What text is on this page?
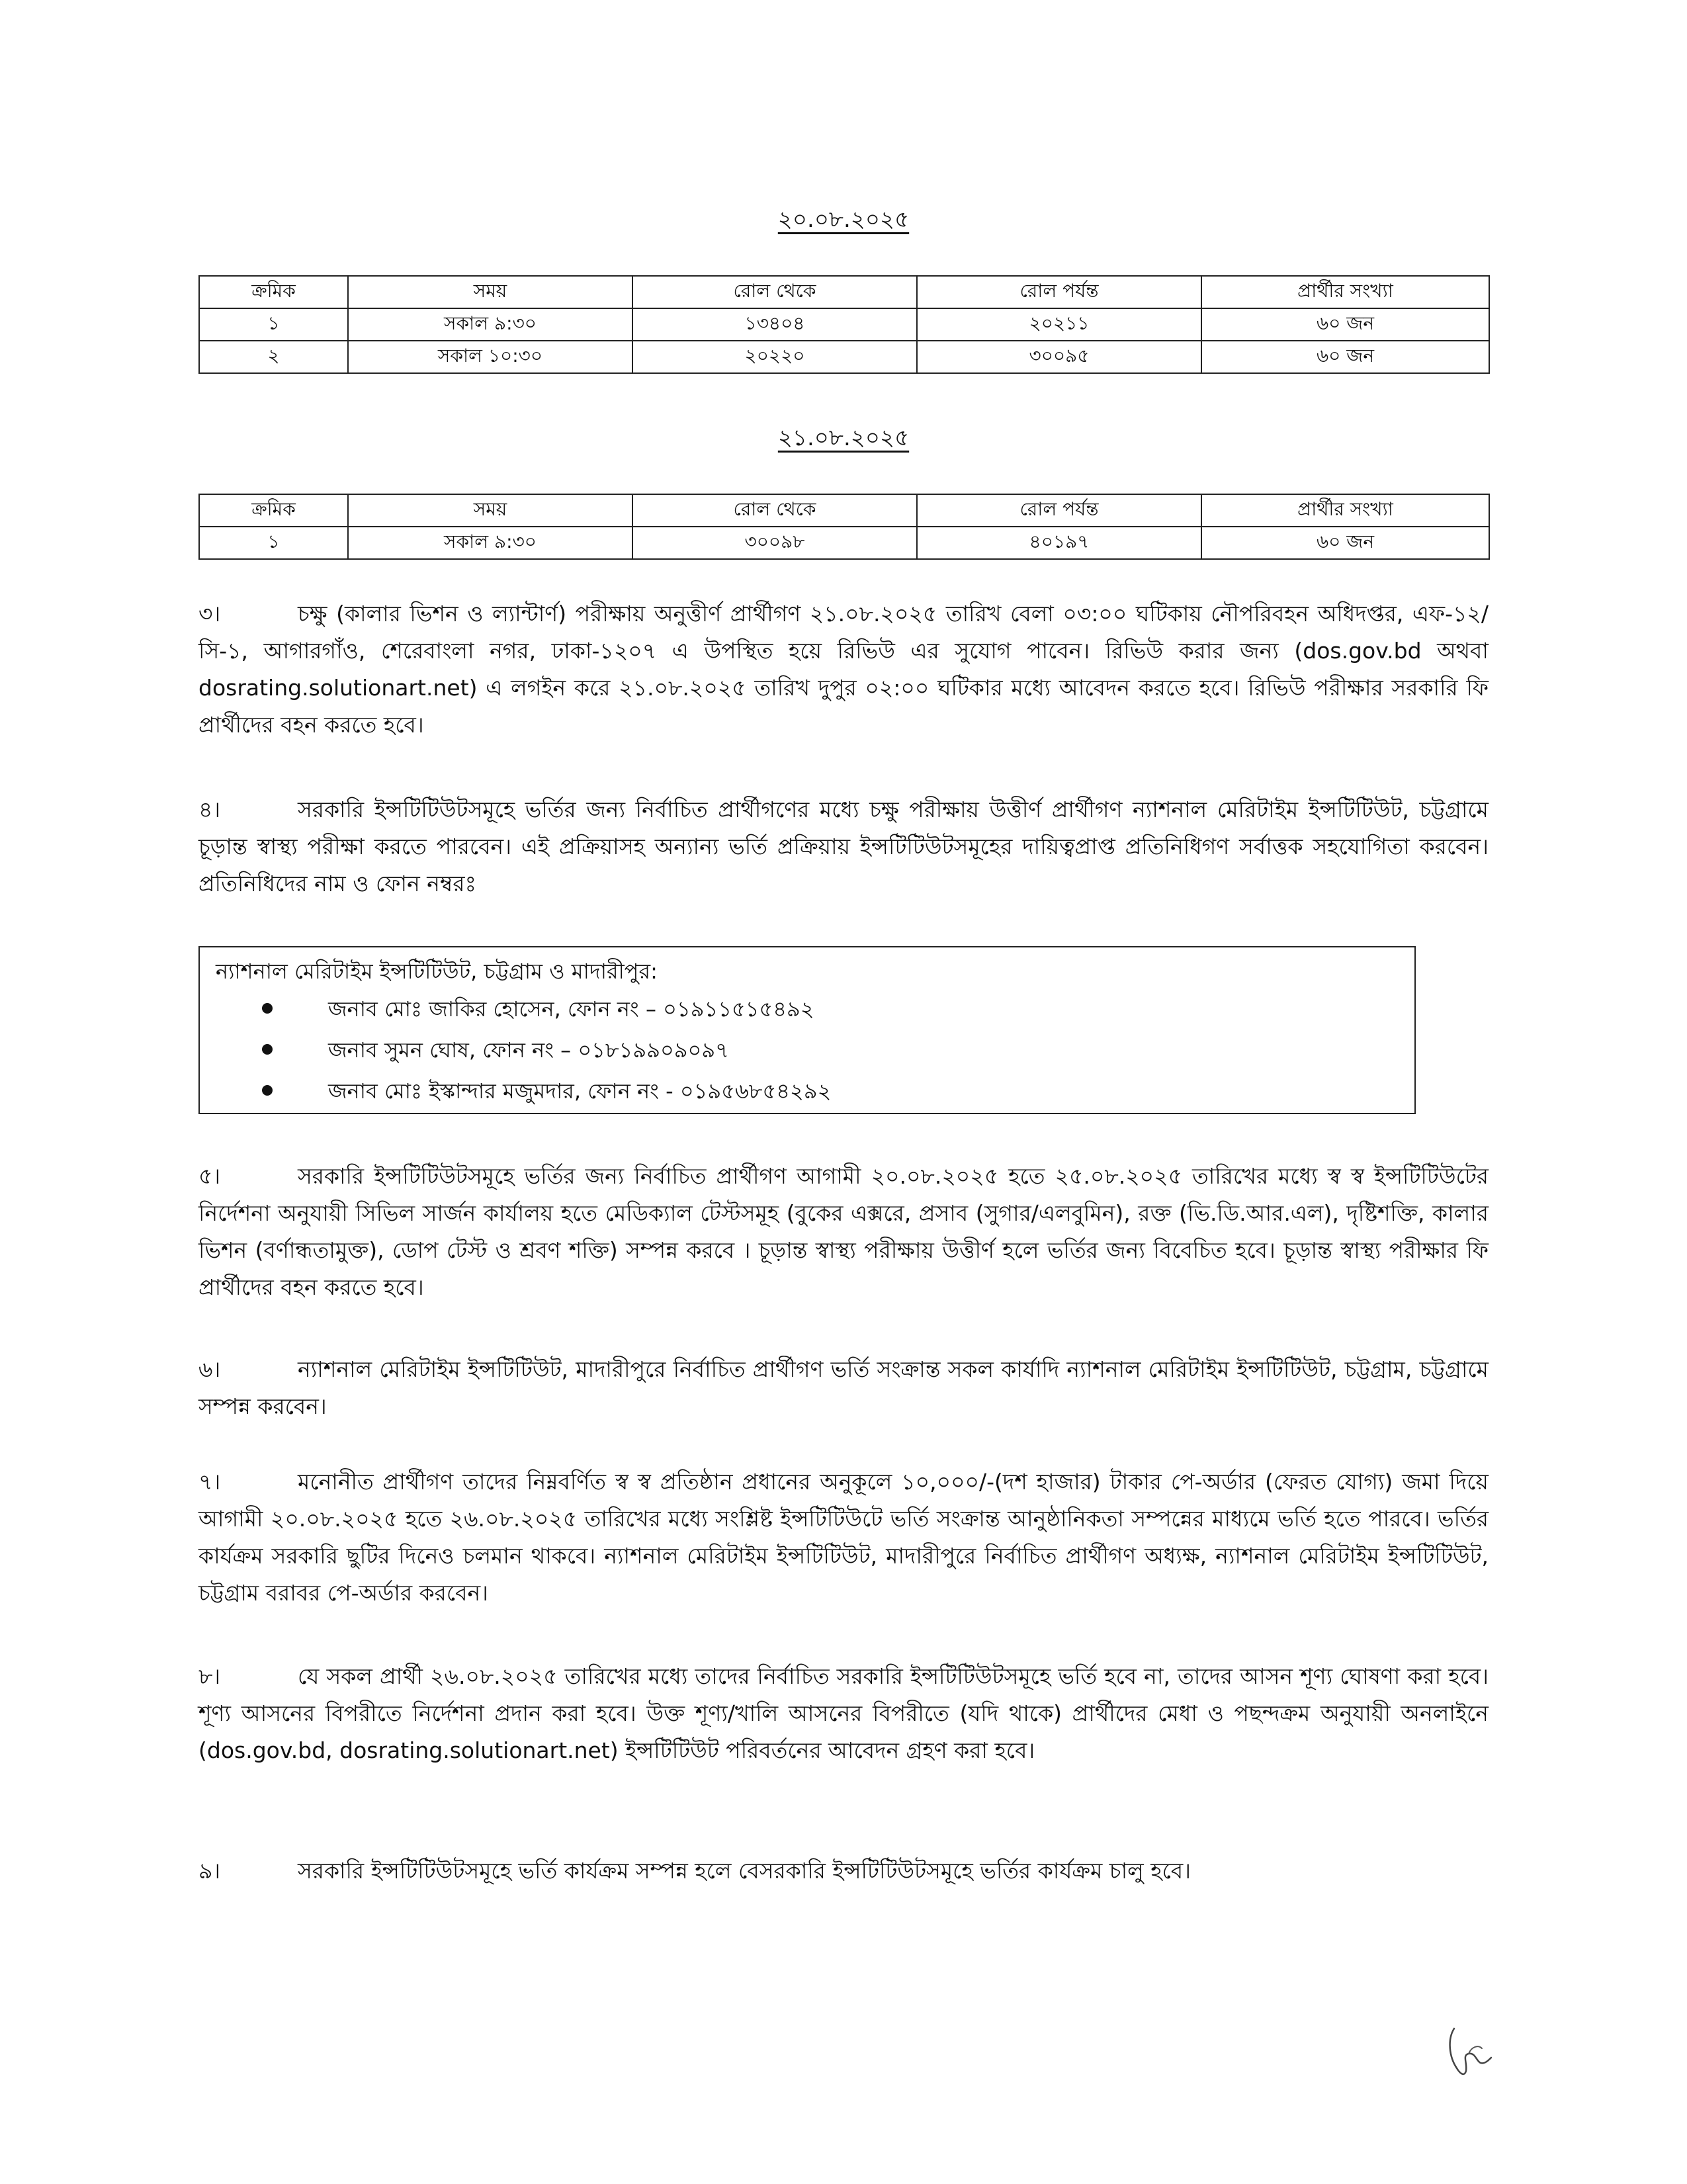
২০.০৮.২০২৫
ক্রমিক	সময়	রোল থেকে	রোল পর্যন্ত	প্রার্থীর সংখ্যা
১	সকাল ৯:৩০	১৩৪০৪	২০২১১	৬০ জন
২	সকাল ১০:৩০	২০২২০	৩০০৯৫	৬০ জন
২১.০৮.২০২৫
ক্রমিক	সময়	রোল থেকে	রোল পর্যন্ত	প্রার্থীর সংখ্যা
১	সকাল ৯:৩০	৩০০৯৮	৪০১৯৭	৬০ জন
৩।	চক্ষু (কালার ভিশন ও ল্যান্টার্ণ) পরীক্ষায় অনুত্তীর্ণ প্রার্থীগণ ২১.০৮.২০২৫ তারিখ বেলা ০৩:০০ ঘটিকায় নৌপরিবহন অধিদপ্তর, এফ-১২/সি-১, আগারগাঁও, শেরেবাংলা নগর, ঢাকা-১২০৭ এ উপস্থিত হয়ে রিভিউ এর সুযোগ পাবেন। রিভিউ করার জন্য (dos.gov.bd অথবা dosrating.solutionart.net) এ লগইন করে ২১.০৮.২০২৫ তারিখ দুপুর ০২:০০ ঘটিকার মধ্যে আবেদন করতে হবে। রিভিউ পরীক্ষার সরকারি ফি প্রার্থীদের বহন করতে হবে।
৪।	সরকারি ইন্সটিটিউটসমূহে ভর্তির জন্য নির্বাচিত প্রার্থীগণের মধ্যে চক্ষু পরীক্ষায় উত্তীর্ণ প্রার্থীগণ ন্যাশনাল মেরিটাইম ইন্সটিটিউট, চট্টগ্রামে চূড়ান্ত স্বাস্থ্য পরীক্ষা করতে পারবেন। এই প্রক্রিয়াসহ অন্যান্য ভর্তি প্রক্রিয়ায় ইন্সটিটিউটসমূহের দায়িত্বপ্রাপ্ত প্রতিনিধিগণ সর্বাত্তক সহযোগিতা করবেন। প্রতিনিধিদের নাম ও ফোন নম্বরঃ
ন্যাশনাল মেরিটাইম ইন্সটিটিউট, চট্টগ্রাম ও মাদারীপুর:
জনাব মোঃ জাকির হোসেন, ফোন নং – ০১৯১১৫১৫৪৯২
জনাব সুমন ঘোষ, ফোন নং – ০১৮১৯৯০৯০৯৭
জনাব মোঃ ইস্কান্দার মজুমদার, ফোন নং - ০১৯৫৬৮৫৪২৯২
৫।	সরকারি ইন্সটিটিউটসমূহে ভর্তির জন্য নির্বাচিত প্রার্থীগণ আগামী ২০.০৮.২০২৫ হতে ২৫.০৮.২০২৫ তারিখের মধ্যে স্ব স্ব ইন্সটিটিউটের নির্দেশনা অনুযায়ী সিভিল সার্জন কার্যালয় হতে মেডিক্যাল টেস্টসমূহ (বুকের এক্সরে, প্রসাব (সুগার/এলবুমিন), রক্ত (ভি.ডি.আর.এল), দৃষ্টিশক্তি, কালার ভিশন (বর্ণান্ধতামুক্ত), ডোপ টেস্ট ও শ্রবণ শক্তি) সম্পন্ন করবে । চূড়ান্ত স্বাস্থ্য পরীক্ষায় উত্তীর্ণ হলে ভর্তির জন্য বিবেচিত হবে। চূড়ান্ত স্বাস্থ্য পরীক্ষার ফি প্রার্থীদের বহন করতে হবে।
৬।	ন্যাশনাল মেরিটাইম ইন্সটিটিউট, মাদারীপুরে নির্বাচিত প্রার্থীগণ ভর্তি সংক্রান্ত সকল কার্যাদি ন্যাশনাল মেরিটাইম ইন্সটিটিউট, চট্টগ্রাম, চট্টগ্রামে সম্পন্ন করবেন।
৭।	মনোনীত প্রার্থীগণ তাদের নিম্নবর্ণিত স্ব স্ব প্রতিষ্ঠান প্রধানের অনুকূলে ১০,০০০/-(দশ হাজার) টাকার পে-অর্ডার (ফেরত যোগ্য) জমা দিয়ে আগামী ২০.০৮.২০২৫ হতে ২৬.০৮.২০২৫ তারিখের মধ্যে সংশ্লিষ্ট ইন্সটিটিউটে ভর্তি সংক্রান্ত আনুষ্ঠানিকতা সম্পন্নের মাধ্যমে ভর্তি হতে পারবে। ভর্তির কার্যক্রম সরকারি ছুটির দিনেও চলমান থাকবে। ন্যাশনাল মেরিটাইম ইন্সটিটিউট, মাদারীপুরে নির্বাচিত প্রার্থীগণ অধ্যক্ষ, ন্যাশনাল মেরিটাইম ইন্সটিটিউট, চট্টগ্রাম বরাবর পে-অর্ডার করবেন।
৮।	যে সকল প্রার্থী ২৬.০৮.২০২৫ তারিখের মধ্যে তাদের নির্বাচিত সরকারি ইন্সটিটিউটসমূহে ভর্তি হবে না, তাদের আসন শূণ্য ঘোষণা করা হবে। শূণ্য আসনের বিপরীতে নির্দেশনা প্রদান করা হবে। উক্ত শূণ্য/খালি আসনের বিপরীতে (যদি থাকে) প্রার্থীদের মেধা ও পছন্দক্রম অনুযায়ী অনলাইনে (dos.gov.bd, dosrating.solutionart.net) ইন্সটিটিউট পরিবর্তনের আবেদন গ্রহণ করা হবে।
৯।	সরকারি ইন্সটিটিউটসমূহে ভর্তি কার্যক্রম সম্পন্ন হলে বেসরকারি ইন্সটিটিউটসমূহে ভর্তির কার্যক্রম চালু হবে।
